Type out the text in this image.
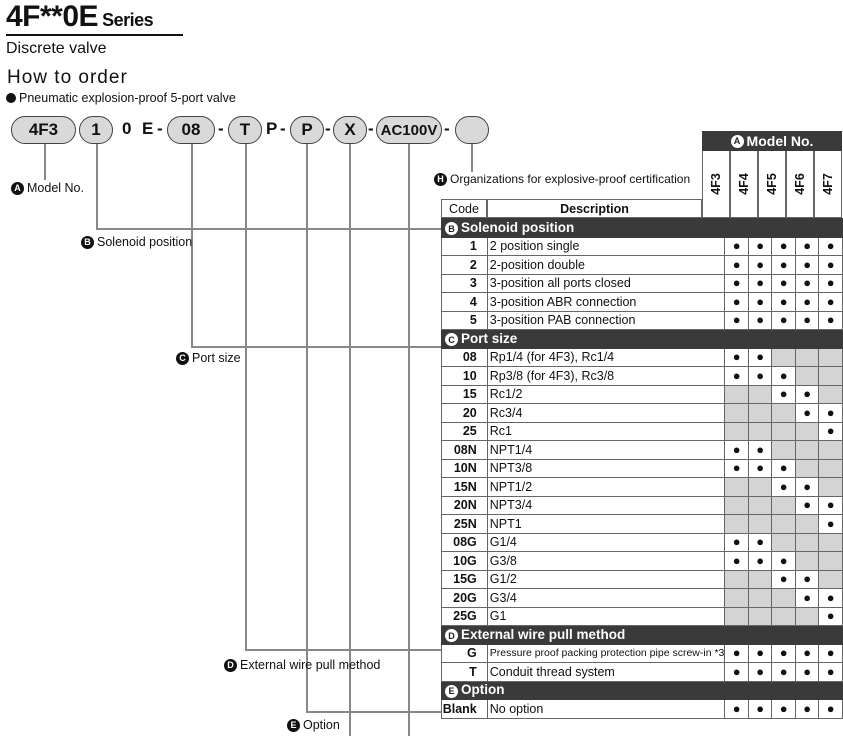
4F**0E Series
Discrete valve
How to order
Pneumatic explosion-proof 5-port valve
4F3	1	0 E -	08	- T P - P - X - AC100V -
A Model No.
B Solenoid position
C Port size
D External wire pull method
E Option
H Organizations for explosive-proof certification
A Model No.
4F3 4F4 4F5 4F6 4F7
Code	Description
B Solenoid position						
1	2 position single	●	●	●	●	●
2	2-position double	●	●	●	●	●
3	3-position all ports closed	●	●	●	●	●
4	3-position ABR connection	●	●	●	●	●
5	3-position PAB connection	●	●	●	●	●
C Port size						
08	Rp1/4 (for 4F3), Rc1/4	●	●			
10	Rp3/8 (for 4F3), Rc3/8	●	●	●		
15	Rc1/2			●	●	
20	Rc3/4				●	●
25	Rc1					●
08N	NPT1/4	●	●			
10N	NPT3/8	●	●	●		
15N	NPT1/2			●	●	
20N	NPT3/4				●	●
25N	NPT1					●
08G	G1/4	●	●			
10G	G3/8	●	●	●		
15G	G1/2			●	●	
20G	G3/4				●	●
25G	G1					●
D External wire pull method						
G	Pressure proof packing protection pipe screw-in *3	●	●	●	●	●
T	Conduit thread system	●	●	●	●	●
E Option						
Blank	No option	●	●	●	●	●
